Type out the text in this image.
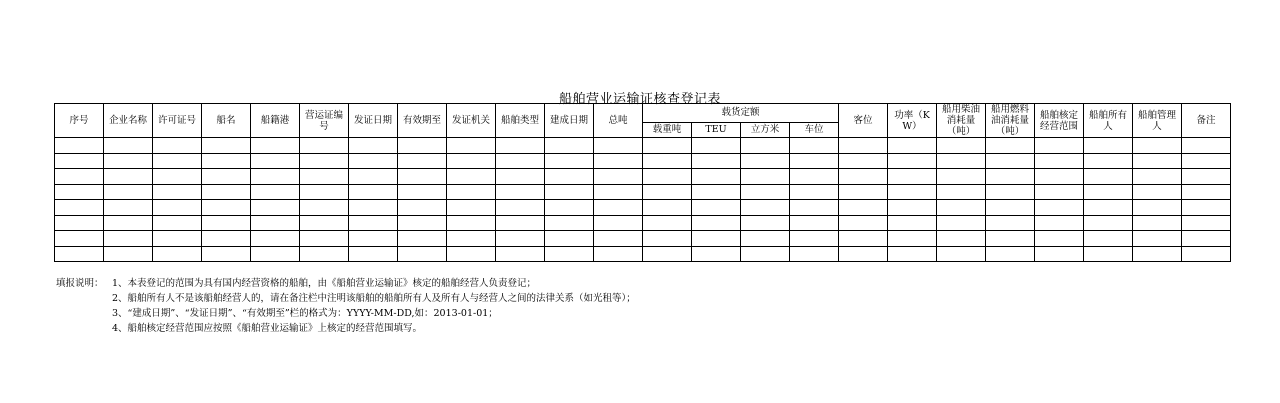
船舶营业运输证核查登记表
序号	企业名称	许可证号	船名	船籍港	营运证编号	发证日期	有效期至	发证机关	船舶类型	建成日期	总吨	载货定额				客位	功率（KW）	船用柴油消耗量（吨）	船用燃料油消耗量（吨）	船舶核定经营范围	船舶所有人	船舶管理人	备注
												载重吨	TEU	立方米	车位								

填报说明： 1、本表登记的范围为具有国内经营资格的船舶，由《船舶营业运输证》核定的船舶经营人负责登记；
2、船舶所有人不是该船舶经营人的，请在备注栏中注明该船舶的船舶所有人及所有人与经营人之间的法律关系（如光租等）；
3、“建成日期”、“发证日期”、“有效期至”栏的格式为：YYYY-MM-DD,如：2013-01-01；
4、船舶核定经营范围应按照《船舶营业运输证》上核定的经营范围填写。
